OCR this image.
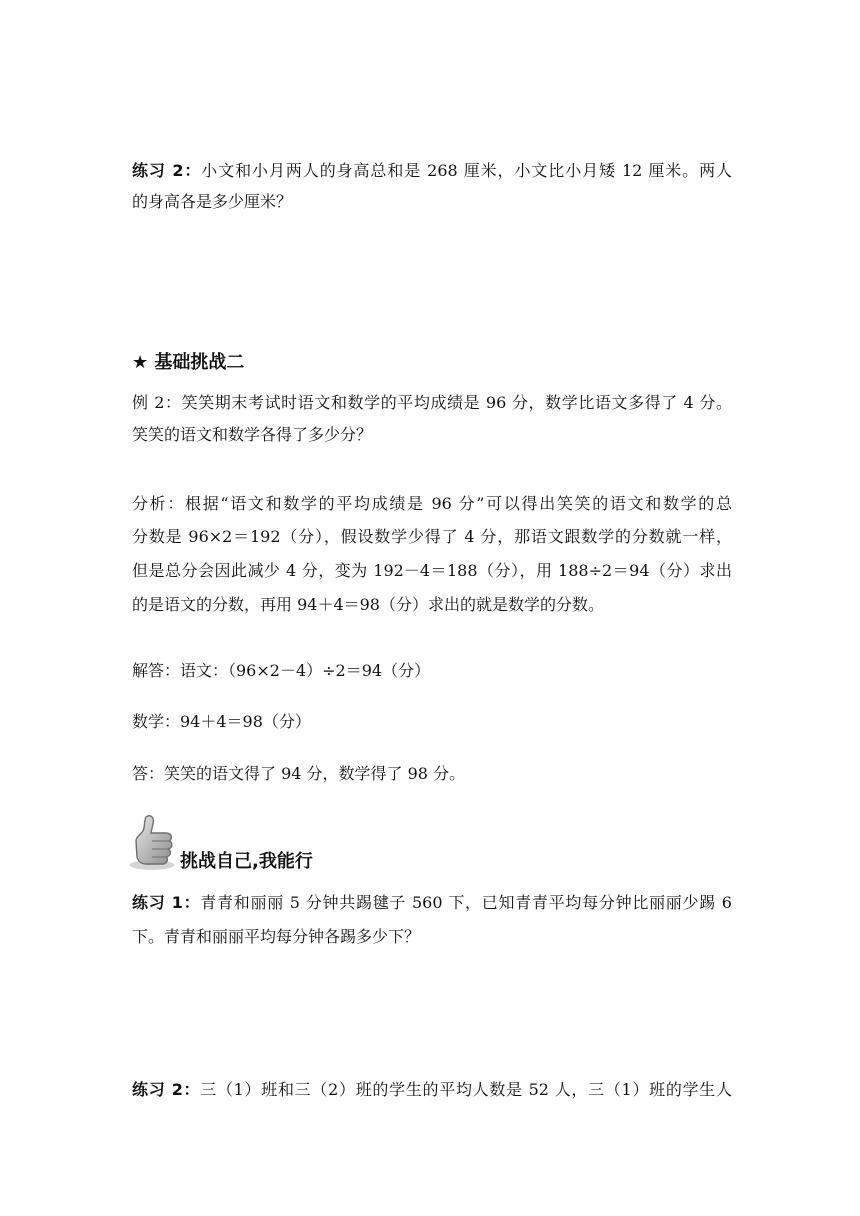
练习 2：小文和小月两人的身高总和是 268 厘米，小文比小月矮 12 厘米。两人
的身高各是多少厘米？
★ 基础挑战二
例 2：笑笑期末考试时语文和数学的平均成绩是 96 分，数学比语文多得了 4 分。
笑笑的语文和数学各得了多少分？
分析：根据“语文和数学的平均成绩是 96 分”可以得出笑笑的语文和数学的总
分数是 96×2＝192（分），假设数学少得了 4 分，那语文跟数学的分数就一样，
但是总分会因此减少 4 分，变为 192－4＝188（分），用 188÷2＝94（分）求出
的是语文的分数，再用 94＋4＝98（分）求出的就是数学的分数。
解答：语文：（96×2－4）÷2＝94（分）
数学：94＋4＝98（分）
答：笑笑的语文得了 94 分，数学得了 98 分。
挑战自己,我能行
练习 1：青青和丽丽 5 分钟共踢毽子 560 下，已知青青平均每分钟比丽丽少踢 6
下。青青和丽丽平均每分钟各踢多少下？
练习 2：三（1）班和三（2）班的学生的平均人数是 52 人，三（1）班的学生人
